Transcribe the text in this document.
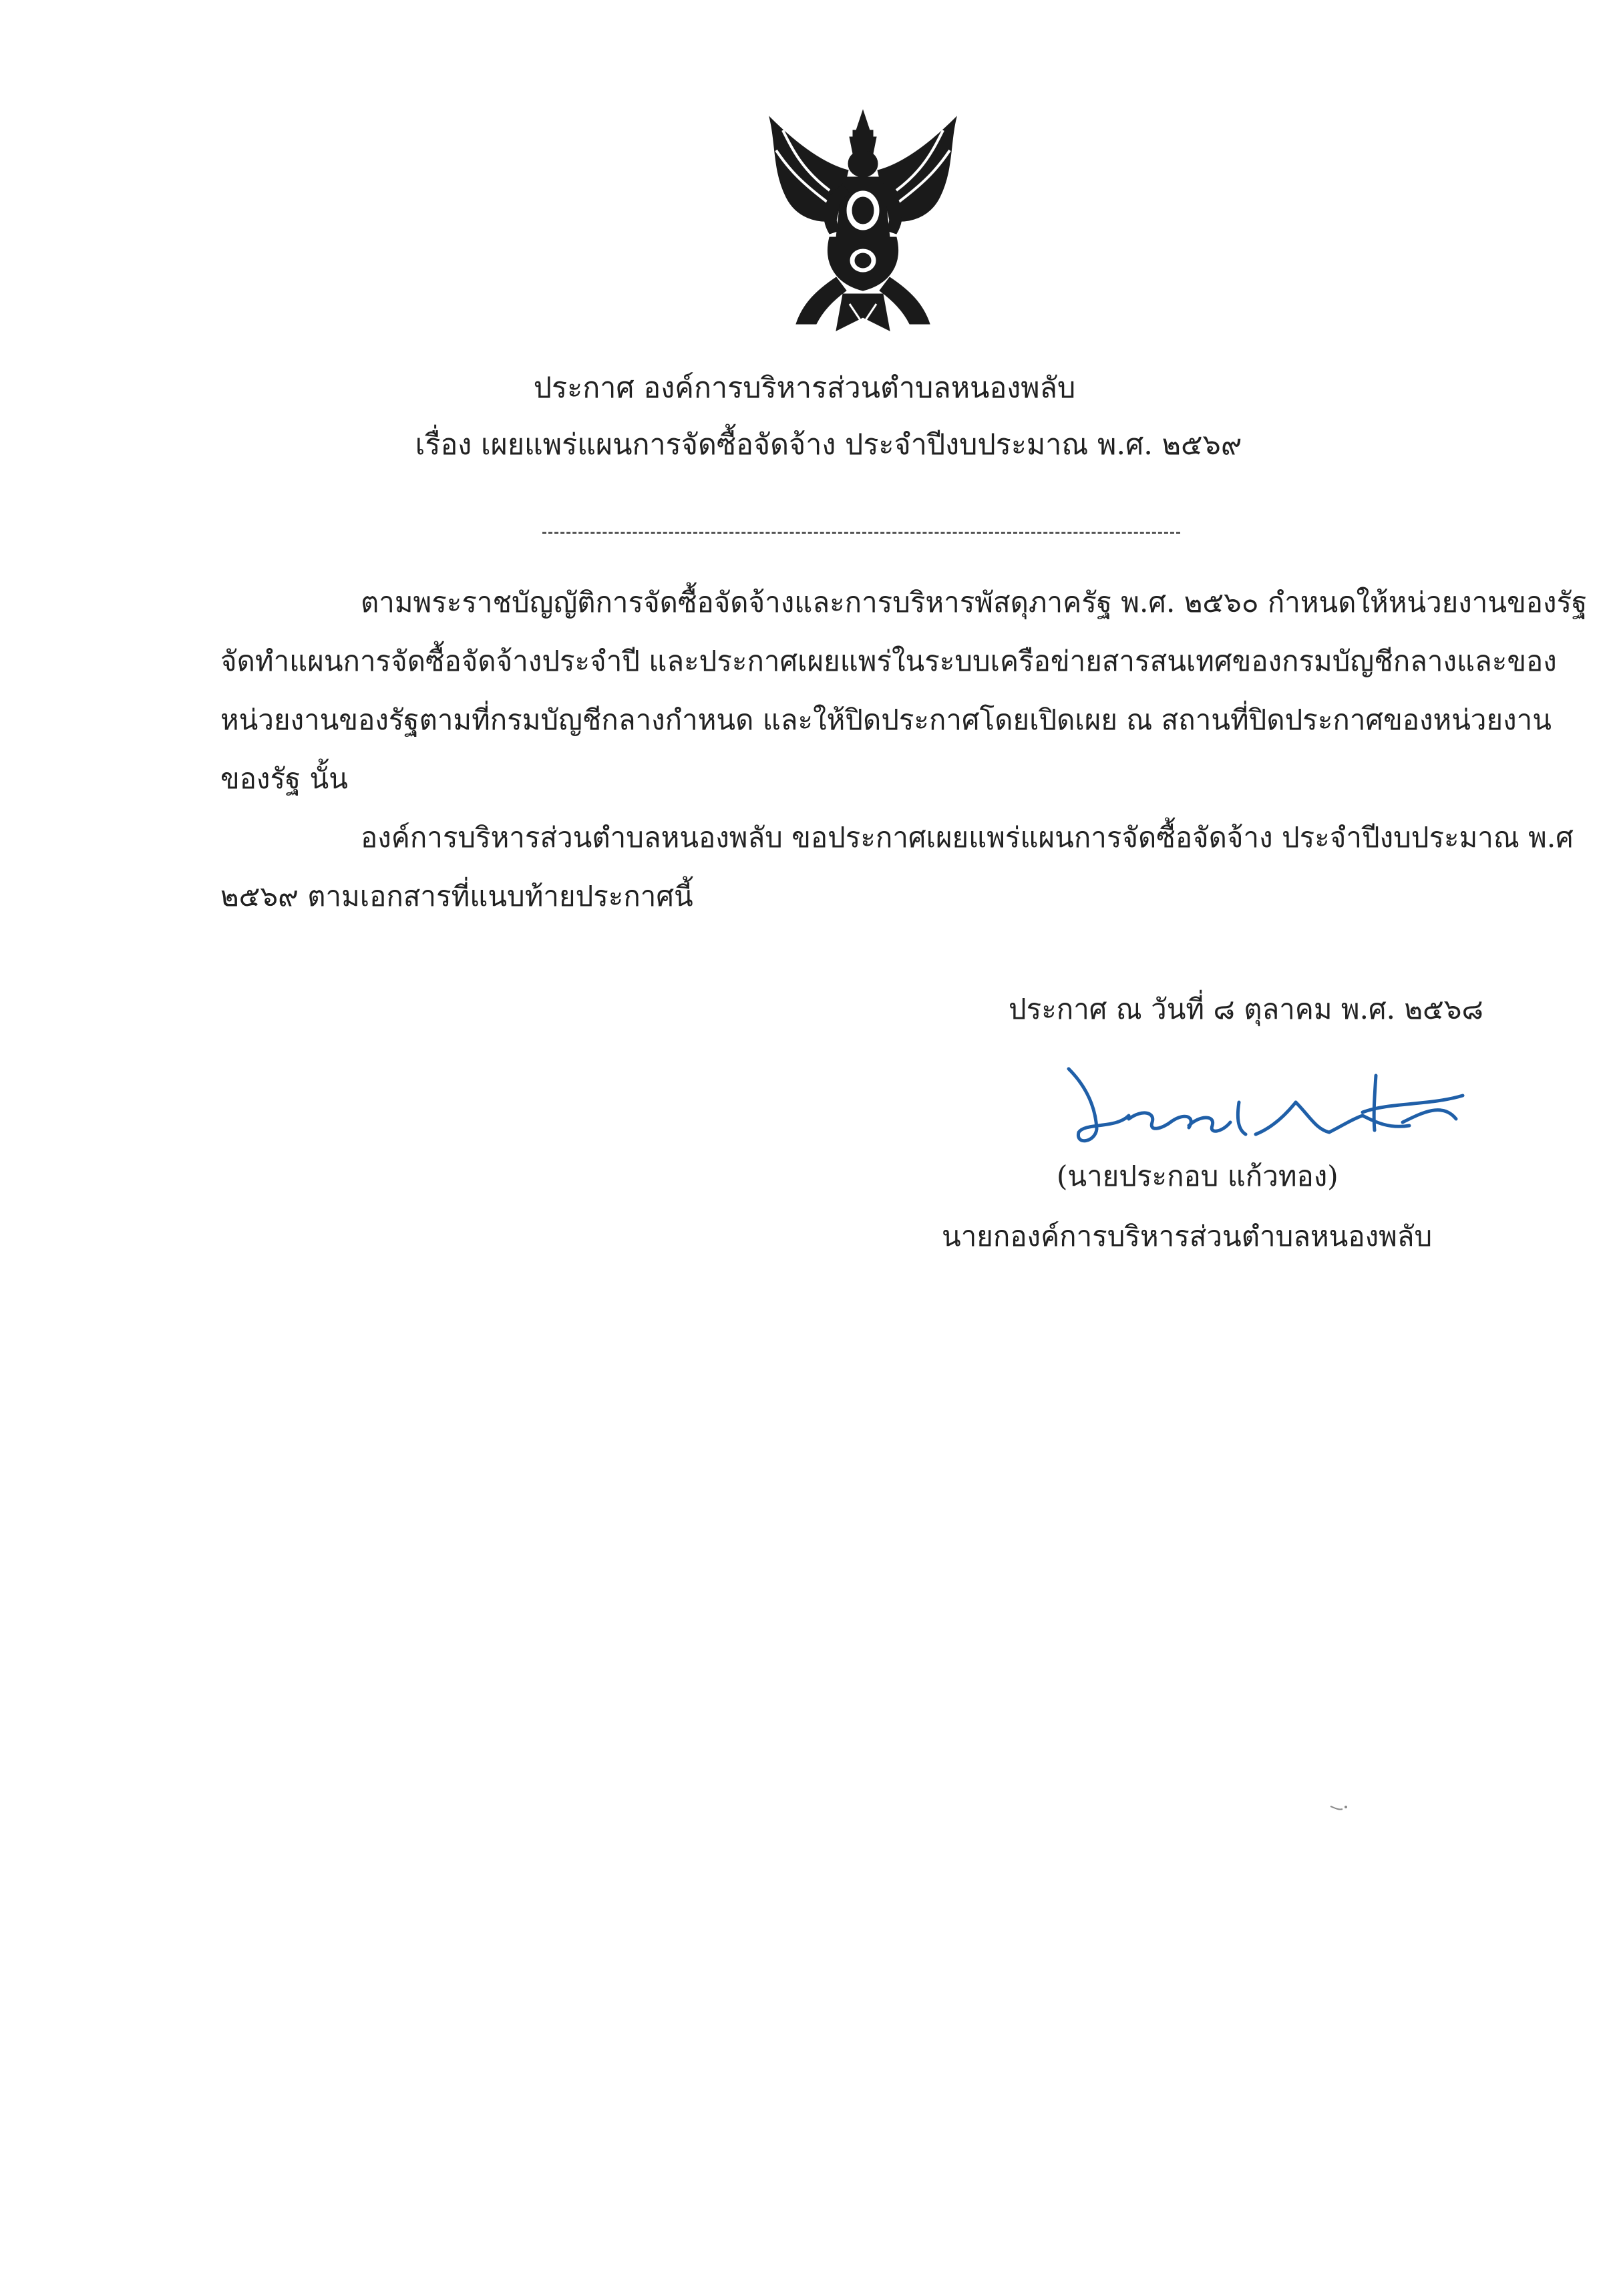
ประกาศ องค์การบริหารส่วนตำบลหนองพลับ
เรื่อง เผยแพร่แผนการจัดซื้อจัดจ้าง ประจำปีงบประมาณ พ.ศ. ๒๕๖๙
ตามพระราชบัญญัติการจัดซื้อจัดจ้างและการบริหารพัสดุภาครัฐ พ.ศ. ๒๕๖๐ กำหนดให้หน่วยงานของรัฐ
จัดทำแผนการจัดซื้อจัดจ้างประจำปี และประกาศเผยแพร่ในระบบเครือข่ายสารสนเทศของกรมบัญชีกลางและของ
หน่วยงานของรัฐตามที่กรมบัญชีกลางกำหนด และให้ปิดประกาศโดยเปิดเผย ณ สถานที่ปิดประกาศของหน่วยงาน
ของรัฐ นั้น
องค์การบริหารส่วนตำบลหนองพลับ ขอประกาศเผยแพร่แผนการจัดซื้อจัดจ้าง ประจำปีงบประมาณ พ.ศ
๒๕๖๙ ตามเอกสารที่แนบท้ายประกาศนี้
ประกาศ ณ วันที่ ๘ ตุลาคม พ.ศ. ๒๕๖๘
(นายประกอบ แก้วทอง)
นายกองค์การบริหารส่วนตำบลหนองพลับ
